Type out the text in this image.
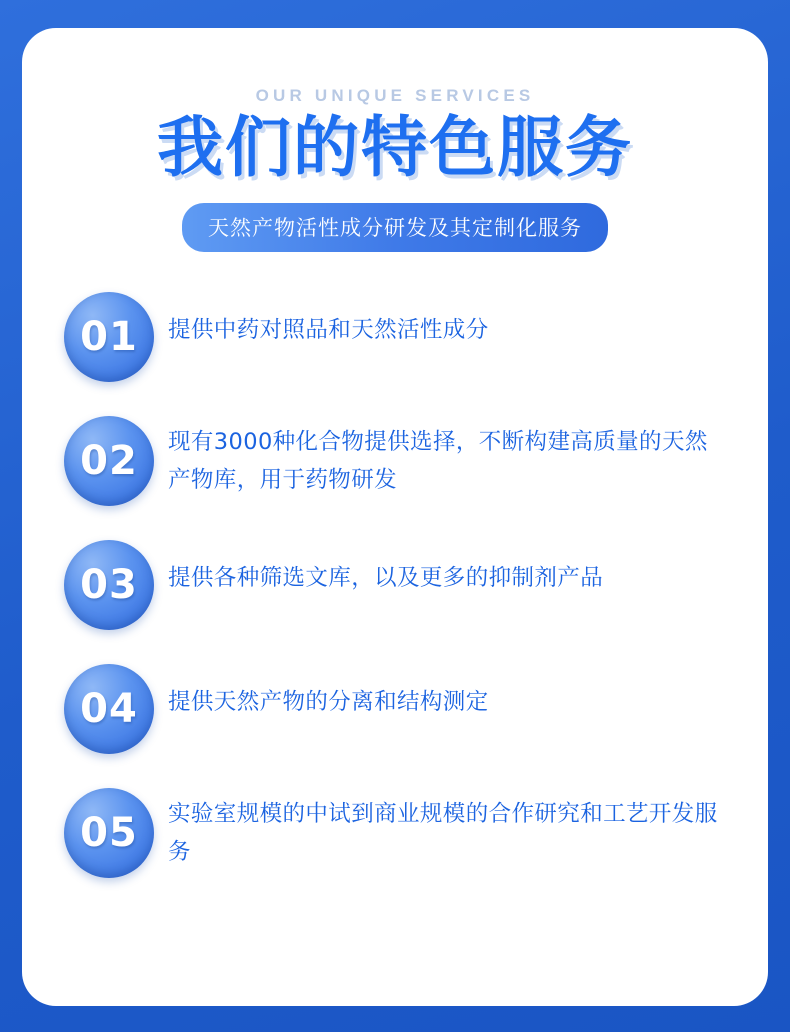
OUR UNIQUE SERVICES
我们的特色服务
天然产物活性成分研发及其定制化服务
01 提供中药对照品和天然活性成分
02 现有3000种化合物提供选择，不断构建高质量的天然产物库，用于药物研发
03 提供各种筛选文库，以及更多的抑制剂产品
04 提供天然产物的分离和结构测定
05 实验室规模的中试到商业规模的合作研究和工艺开发服务
